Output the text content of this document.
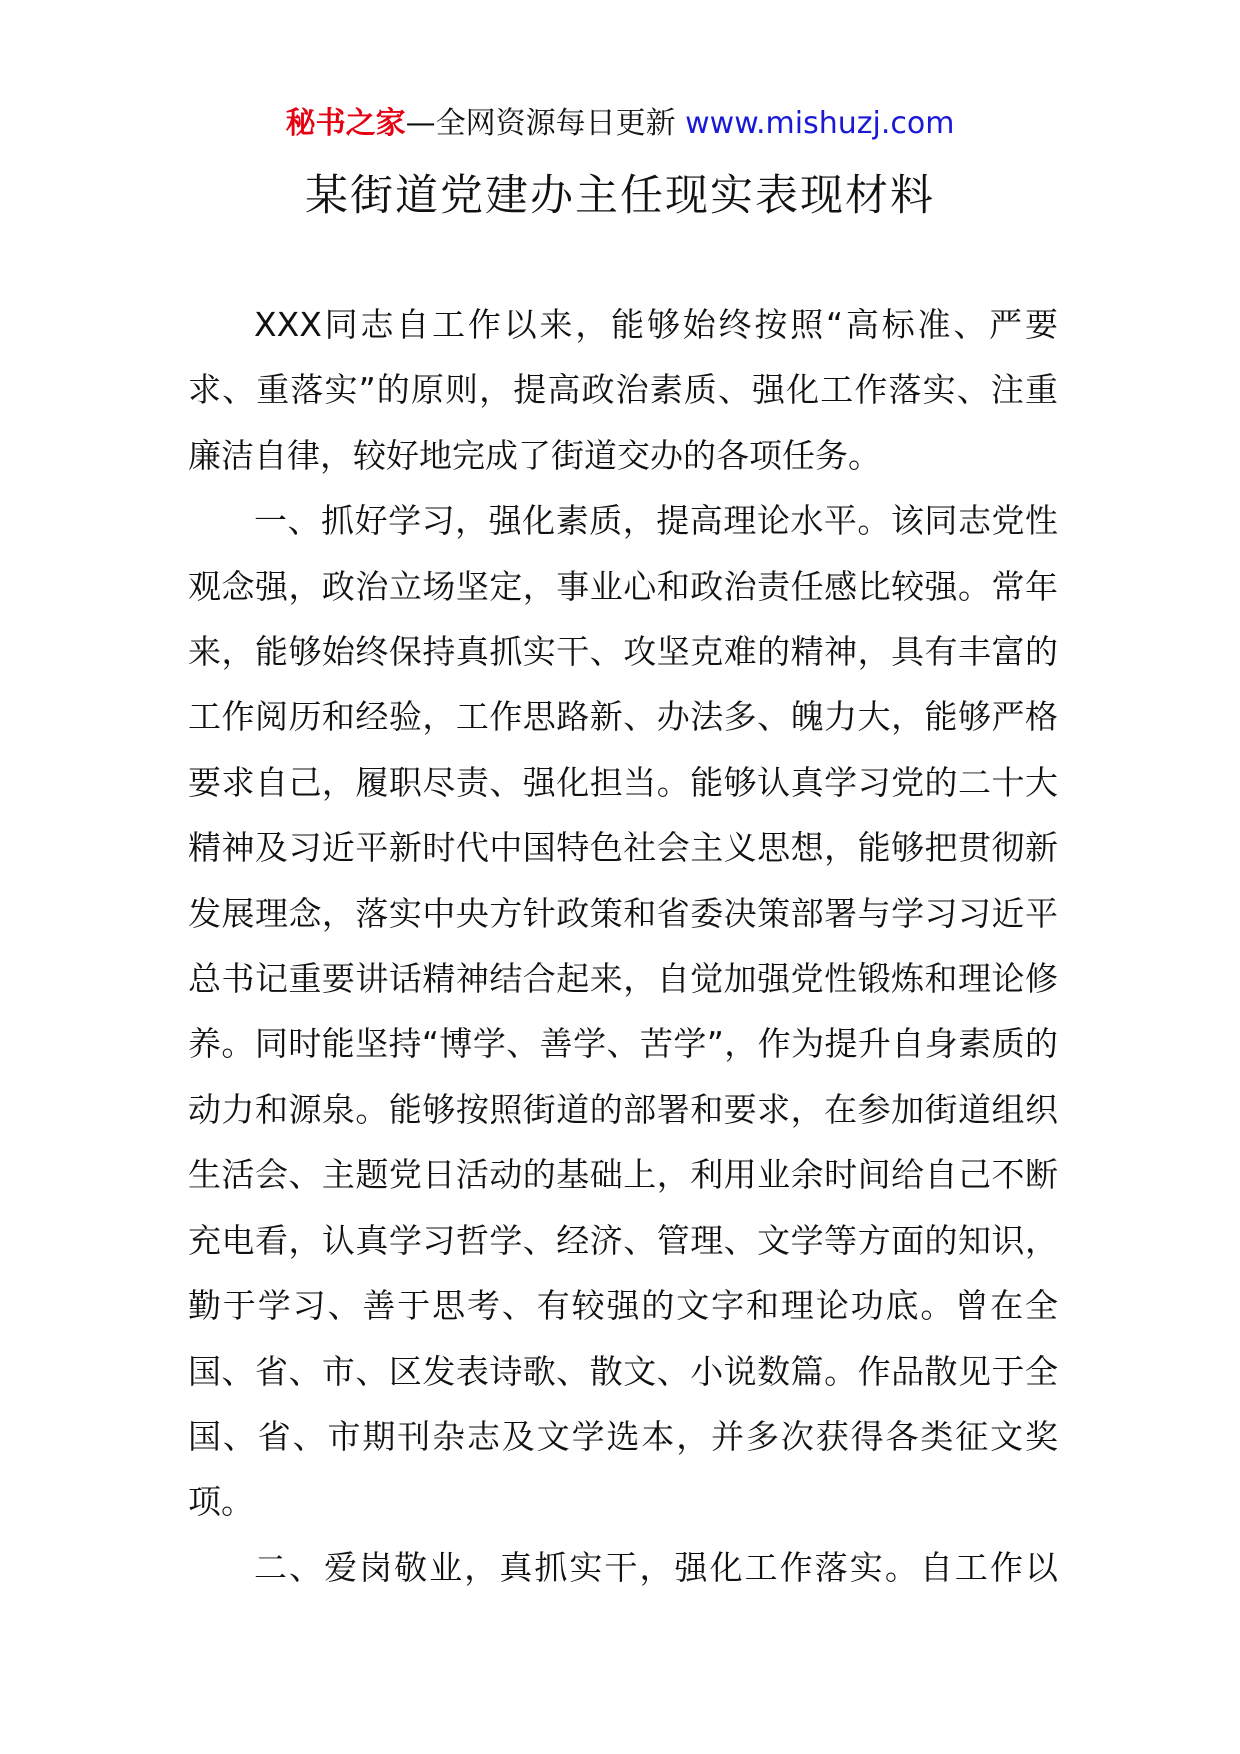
秘书之家—全网资源每日更新 www.mishuzj.com
某街道党建办主任现实表现材料

XXX同志自工作以来，能够始终按照“高标准、严要求、重落实”的原则，提高政治素质、强化工作落实、注重廉洁自律，较好地完成了街道交办的各项任务。

一、抓好学习，强化素质，提高理论水平。该同志党性观念强，政治立场坚定，事业心和政治责任感比较强。常年来，能够始终保持真抓实干、攻坚克难的精神，具有丰富的工作阅历和经验，工作思路新、办法多、魄力大，能够严格要求自己，履职尽责、强化担当。能够认真学习党的二十大精神及习近平新时代中国特色社会主义思想，能够把贯彻新发展理念，落实中央方针政策和省委决策部署与学习习近平总书记重要讲话精神结合起来，自觉加强党性锻炼和理论修养。同时能坚持“博学、善学、苦学”，作为提升自身素质的动力和源泉。能够按照街道的部署和要求，在参加街道组织生活会、主题党日活动的基础上，利用业余时间给自己不断充电看，认真学习哲学、经济、管理、文学等方面的知识，勤于学习、善于思考、有较强的文字和理论功底。曾在全国、省、市、区发表诗歌、散文、小说数篇。作品散见于全国、省、市期刊杂志及文学选本，并多次获得各类征文奖项。

二、爱岗敬业，真抓实干，强化工作落实。自工作以
